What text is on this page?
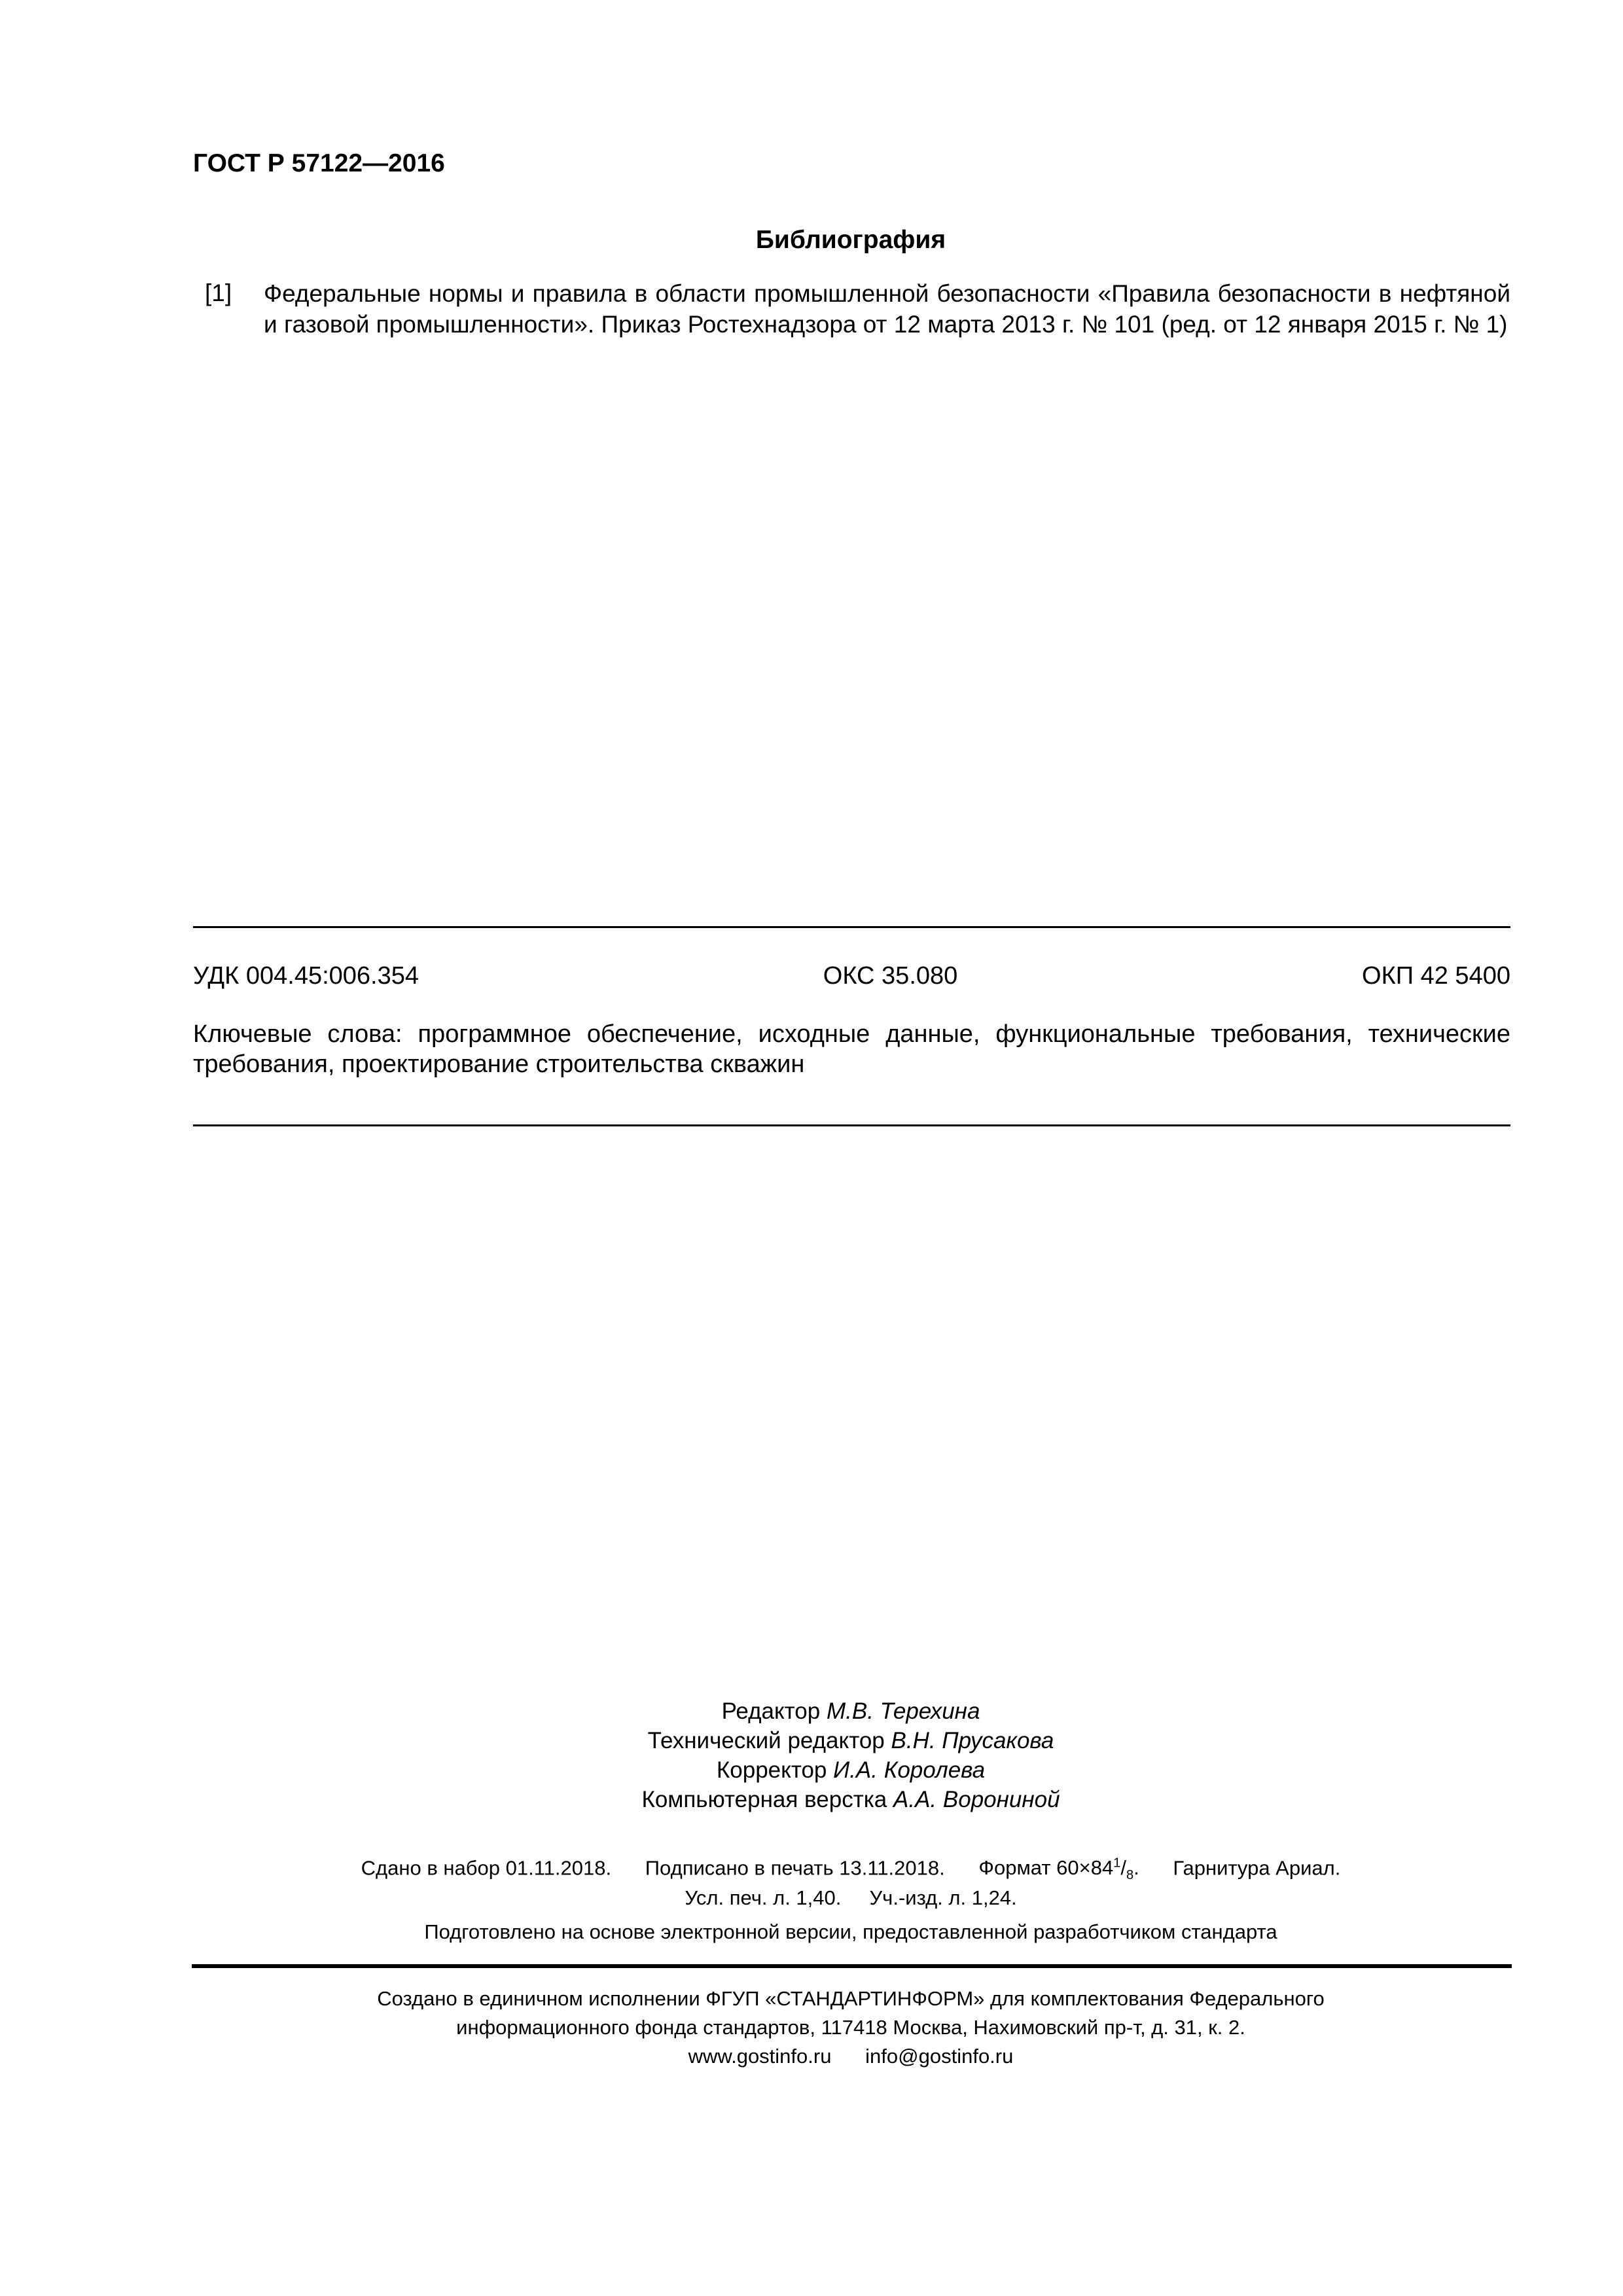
ГОСТ Р 57122—2016
Библиография
[1] Федеральные нормы и правила в области промышленной безопасности «Правила безопасности в нефтяной и газовой промышленности». Приказ Ростехнадзора от 12 марта 2013 г. № 101 (ред. от 12 января 2015 г. № 1)
УДК 004.45:006.354	ОКС 35.080	ОКП 42 5400
Ключевые слова: программное обеспечение, исходные данные, функциональные требования, технические требования, проектирование строительства скважин
Редактор М.В. Терехина
Технический редактор В.Н. Прусакова
Корректор И.А. Королева
Компьютерная верстка А.А. Ворониной
Сдано в набор 01.11.2018. Подписано в печать 13.11.2018. Формат $60\times 84^1/_8$. Гарнитура Ариал.
Усл. печ. л. 1,40. Уч.-изд. л. 1,24.
Подготовлено на основе электронной версии, предоставленной разработчиком стандарта
Создано в единичном исполнении ФГУП «СТАНДАРТИНФОРМ» для комплектования Федерального
информационного фонда стандартов, 117418 Москва, Нахимовский пр-т, д. 31, к. 2.
www.gostinfo.ru info@gostinfo.ru
